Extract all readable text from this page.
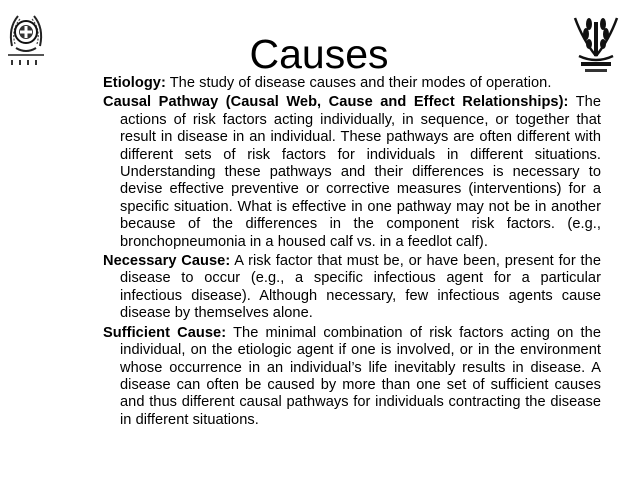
Causes

Etiology: The study of disease causes and their modes of operation.

Causal Pathway (Causal Web, Cause and Effect Relationships): The actions of risk factors acting individually, in sequence, or together that result in disease in an individual. These pathways are often different with different sets of risk factors for individuals in different situations. Understanding these pathways and their differences is necessary to devise effective preventive or corrective measures (interventions) for a specific situation. What is effective in one pathway may not be in another because of the differences in the component risk factors. (e.g., bronchopneumonia in a housed calf vs. in a feedlot calf).

Necessary Cause: A risk factor that must be, or have been, present for the disease to occur (e.g., a specific infectious agent for a particular infectious disease). Although necessary, few infectious agents cause disease by themselves alone.

Sufficient Cause: The minimal combination of risk factors acting on the individual, on the etiologic agent if one is involved, or in the environment whose occurrence in an individual’s life inevitably results in disease. A disease can often be caused by more than one set of sufficient causes and thus different causal pathways for individuals contracting the disease in different situations.
